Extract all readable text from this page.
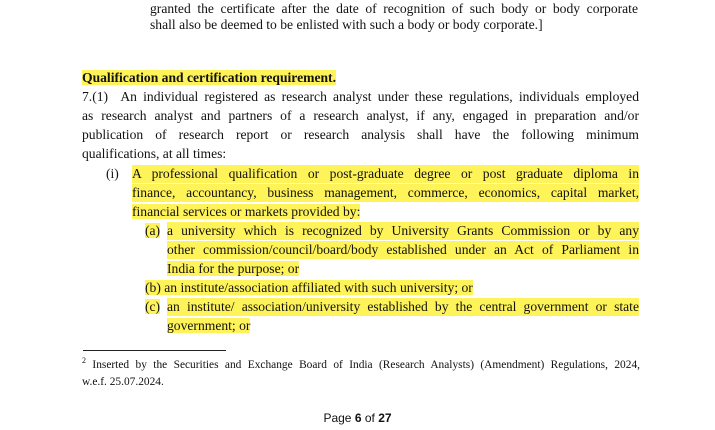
granted the certificate after the date of recognition of such body or body corporate
shall also be deemed to be enlisted with such a body or body corporate.]
Qualification and certification requirement.
7.(1) An individual registered as research analyst under these regulations, individuals employed
as research analyst and partners of a research analyst, if any, engaged in preparation and/or
publication of research report or research analysis shall have the following minimum
qualifications, at all times:
(i) A professional qualification or post-graduate degree or post graduate diploma in
finance, accountancy, business management, commerce, economics, capital market,
financial services or markets provided by:
(a) a university which is recognized by University Grants Commission or by any
other commission/council/board/body established under an Act of Parliament in
India for the purpose; or
(b) an institute/association affiliated with such university; or
(c) an institute/ association/university established by the central government or state
government; or
$^2$ Inserted by the Securities and Exchange Board of India (Research Analysts) (Amendment) Regulations, 2024,
w.e.f. 25.07.2024.
Page 6 of 27
